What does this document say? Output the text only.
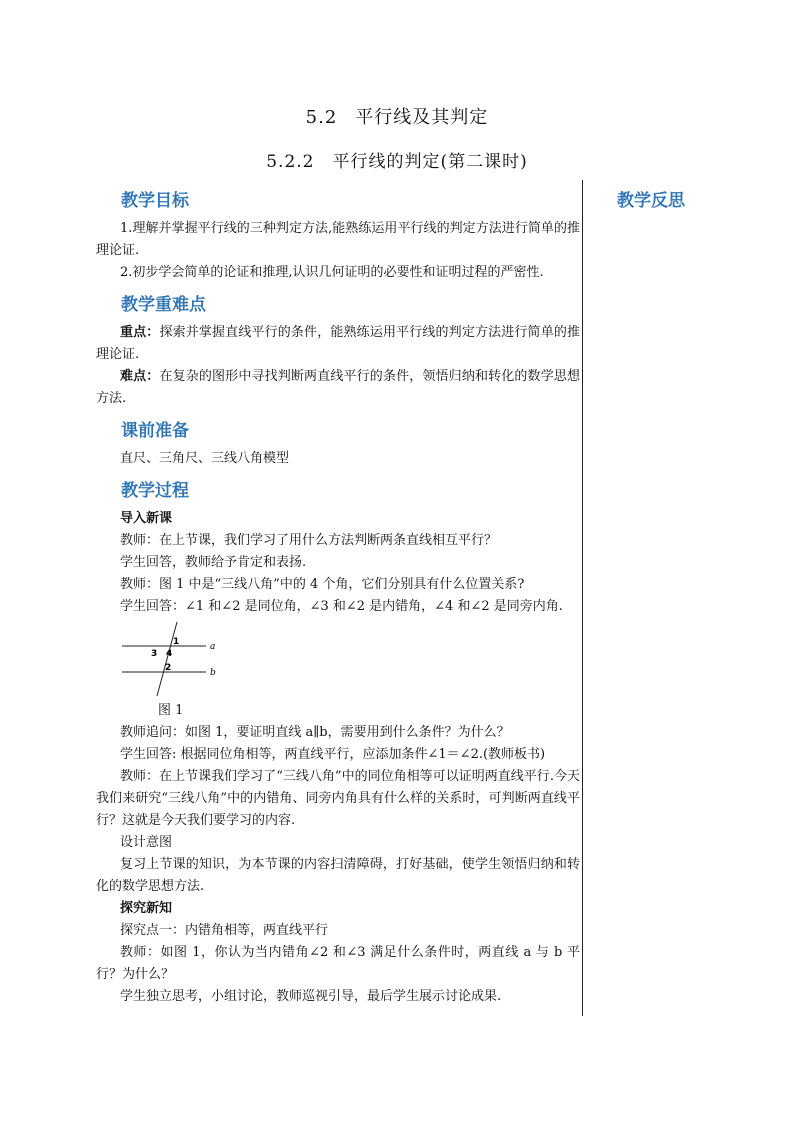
5.2 平行线及其判定
5.2.2 平行线的判定(第二课时)
教学反思
教学目标

1.理解并掌握平行线的三种判定方法,能熟练运用平行线的判定方法进行简单的推理论证.

2.初步学会简单的论证和推理,认识几何证明的必要性和证明过程的严密性.

教学重难点

重点：探索并掌握直线平行的条件，能熟练运用平行线的判定方法进行简单的推理论证.

难点：在复杂的图形中寻找判断两直线平行的条件，领悟归纳和转化的数学思想方法.

课前准备

直尺、三角尺、三线八角模型

教学过程

导入新课

教师：在上节课，我们学习了用什么方法判断两条直线相互平行？

学生回答，教师给予肯定和表扬.

教师：图 1 中是“三线八角”中的 4 个角，它们分别具有什么位置关系?

学生回答：∠1 和∠2 是同位角，∠3 和∠2 是内错角，∠4 和∠2 是同旁内角.

a
b
1
3 4
2

图 1

教师追问：如图 1，要证明直线 a∥b，需要用到什么条件？为什么？

学生回答: 根据同位角相等，两直线平行，应添加条件∠1＝∠2.(教师板书)

教师：在上节课我们学习了“三线八角”中的同位角相等可以证明两直线平行.今天我们来研究“三线八角”中的内错角、同旁内角具有什么样的关系时，可判断两直线平行？这就是今天我们要学习的内容.

设计意图

复习上节课的知识，为本节课的内容扫清障碍，打好基础，使学生领悟归纳和转化的数学思想方法.

探究新知

探究点一：内错角相等，两直线平行

教师：如图 1，你认为当内错角∠2 和∠3 满足什么条件时，两直线 a 与 b 平行？为什么？

学生独立思考，小组讨论，教师巡视引导，最后学生展示讨论成果.
